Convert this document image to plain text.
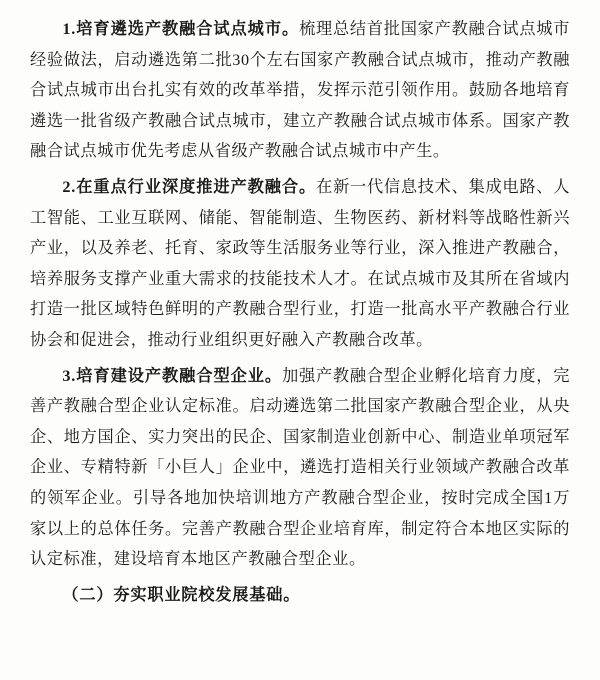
1.培育遴选产教融合试点城市。梳理总结首批国家产教融合试点城市经验做法，启动遴选第二批30个左右国家产教融合试点城市，推动产教融合试点城市出台扎实有效的改革举措，发挥示范引领作用。鼓励各地培育遴选一批省级产教融合试点城市，建立产教融合试点城市体系。国家产教融合试点城市优先考虑从省级产教融合试点城市中产生。

2.在重点行业深度推进产教融合。在新一代信息技术、集成电路、人工智能、工业互联网、储能、智能制造、生物医药、新材料等战略性新兴产业，以及养老、托育、家政等生活服务业等行业，深入推进产教融合，培养服务支撑产业重大需求的技能技术人才。在试点城市及其所在省域内打造一批区域特色鲜明的产教融合型行业，打造一批高水平产教融合行业协会和促进会，推动行业组织更好融入产教融合改革。

3.培育建设产教融合型企业。加强产教融合型企业孵化培育力度，完善产教融合型企业认定标准。启动遴选第二批国家产教融合型企业，从央企、地方国企、实力突出的民企、国家制造业创新中心、制造业单项冠军企业、专精特新「小巨人」企业中，遴选打造相关行业领域产教融合改革的领军企业。引导各地加快培训地方产教融合型企业，按时完成全国1万家以上的总体任务。完善产教融合型企业培育库，制定符合本地区实际的认定标准，建设培育本地区产教融合型企业。

（二）夯实职业院校发展基础。
